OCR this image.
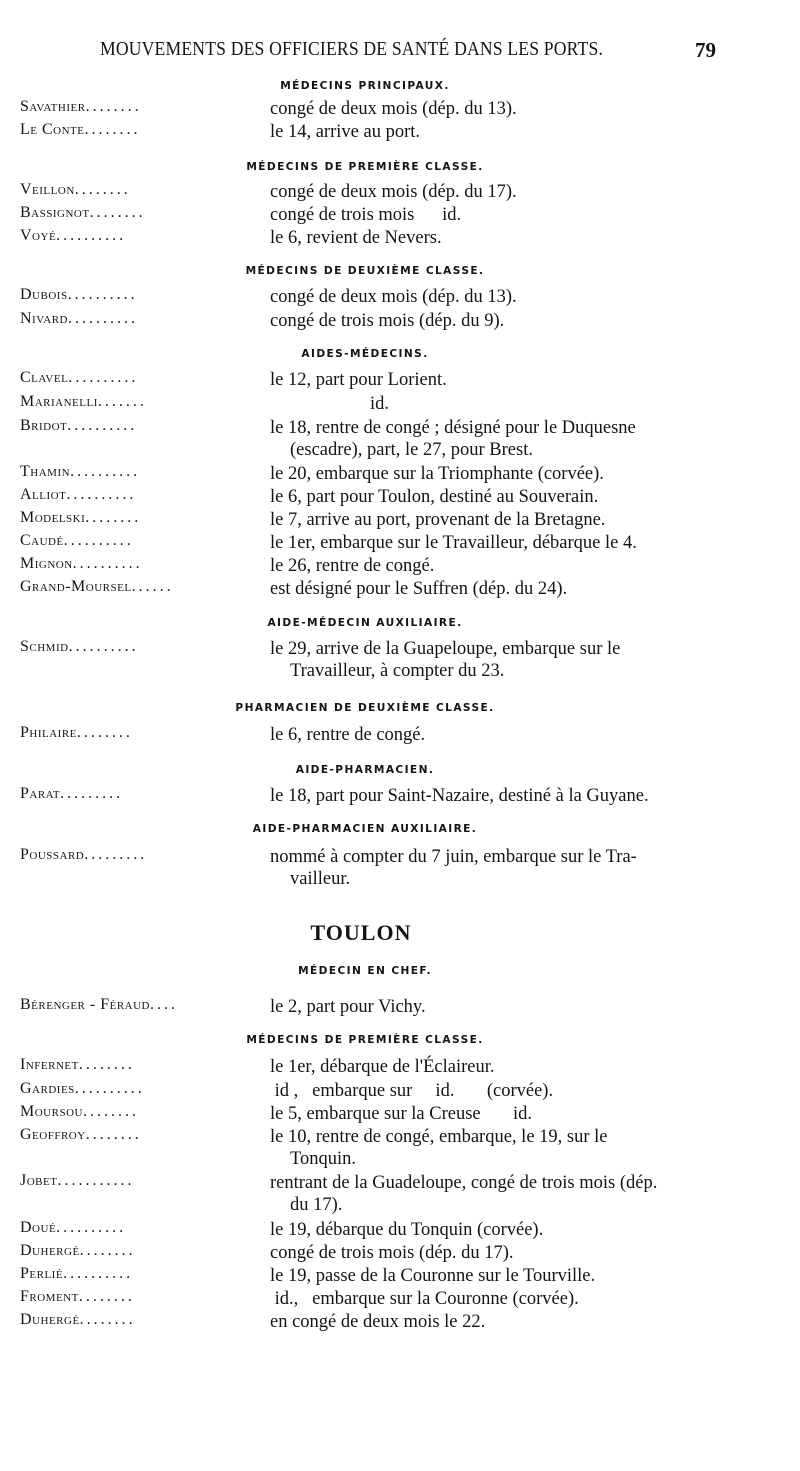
MOUVEMENTS DES OFFICIERS DE SANTÉ DANS LES PORTS.	79
MÉDECINS PRINCIPAUX.
Savathier........	congé de deux mois (dép. du 13).
Le Conte........	le 14, arrive au port.
MÉDECINS DE PREMIÈRE CLASSE.
Veillon........	congé de deux mois (dép. du 17).
Bassignot........	congé de trois mois      id.
Voyé..........	le 6, revient de Nevers.
MÉDECINS DE DEUXIÈME CLASSE.
Dubois..........	congé de deux mois (dép. du 13).
Nivard..........	congé de trois mois (dép. du 9).
AIDES-MÉDECINS.
Clavel..........	le 12, part pour Lorient.
Marianelli.......	id.
Bridot..........	le 18, rentre de congé ; désigné pour le Duquesne
(escadre), part, le 27, pour Brest.
Thamin..........	le 20, embarque sur la Triomphante (corvée).
Alliot..........	le 6, part pour Toulon, destiné au Souverain.
Modelski........	le 7, arrive au port, provenant de la Bretagne.
Caudé..........	le 1er, embarque sur le Travailleur, débarque le 4.
Mignon..........	le 26, rentre de congé.
Grand-Moursel......	est désigné pour le Suffren (dép. du 24).
AIDE-MÉDECIN AUXILIAIRE.
Schmid..........	le 29, arrive de la Guapeloupe, embarque sur le
Travailleur, à compter du 23.
PHARMACIEN DE DEUXIÈME CLASSE.
Philaire........	le 6, rentre de congé.
AIDE-PHARMACIEN.
Parat.........	le 18, part pour Saint-Nazaire, destiné à la Guyane.
AIDE-PHARMACIEN AUXILIAIRE.
Poussard.........	nommé à compter du 7 juin, embarque sur le Tra-
vailleur.
TOULON
MÉDECIN EN CHEF.
Bérenger - Féraud....	le 2, part pour Vichy.
MÉDECINS DE PREMIÈRE CLASSE.
Infernet........	le 1er, débarque de l'Éclaireur.
Gardies..........	id ,   embarque sur     id.       (corvée).
Moursou........	le 5, embarque sur la Creuse       id.
Geoffroy........	le 10, rentre de congé, embarque, le 19, sur le
Tonquin.
Jobet...........	rentrant de la Guadeloupe, congé de trois mois (dép.
du 17).
Doué..........	le 19, débarque du Tonquin (corvée).
Duhergé........	congé de trois mois (dép. du 17).
Perlié..........	le 19, passe de la Couronne sur le Tourville.
Froment........	id.,   embarque sur la Couronne (corvée).
Duhergé........	en congé de deux mois le 22.
